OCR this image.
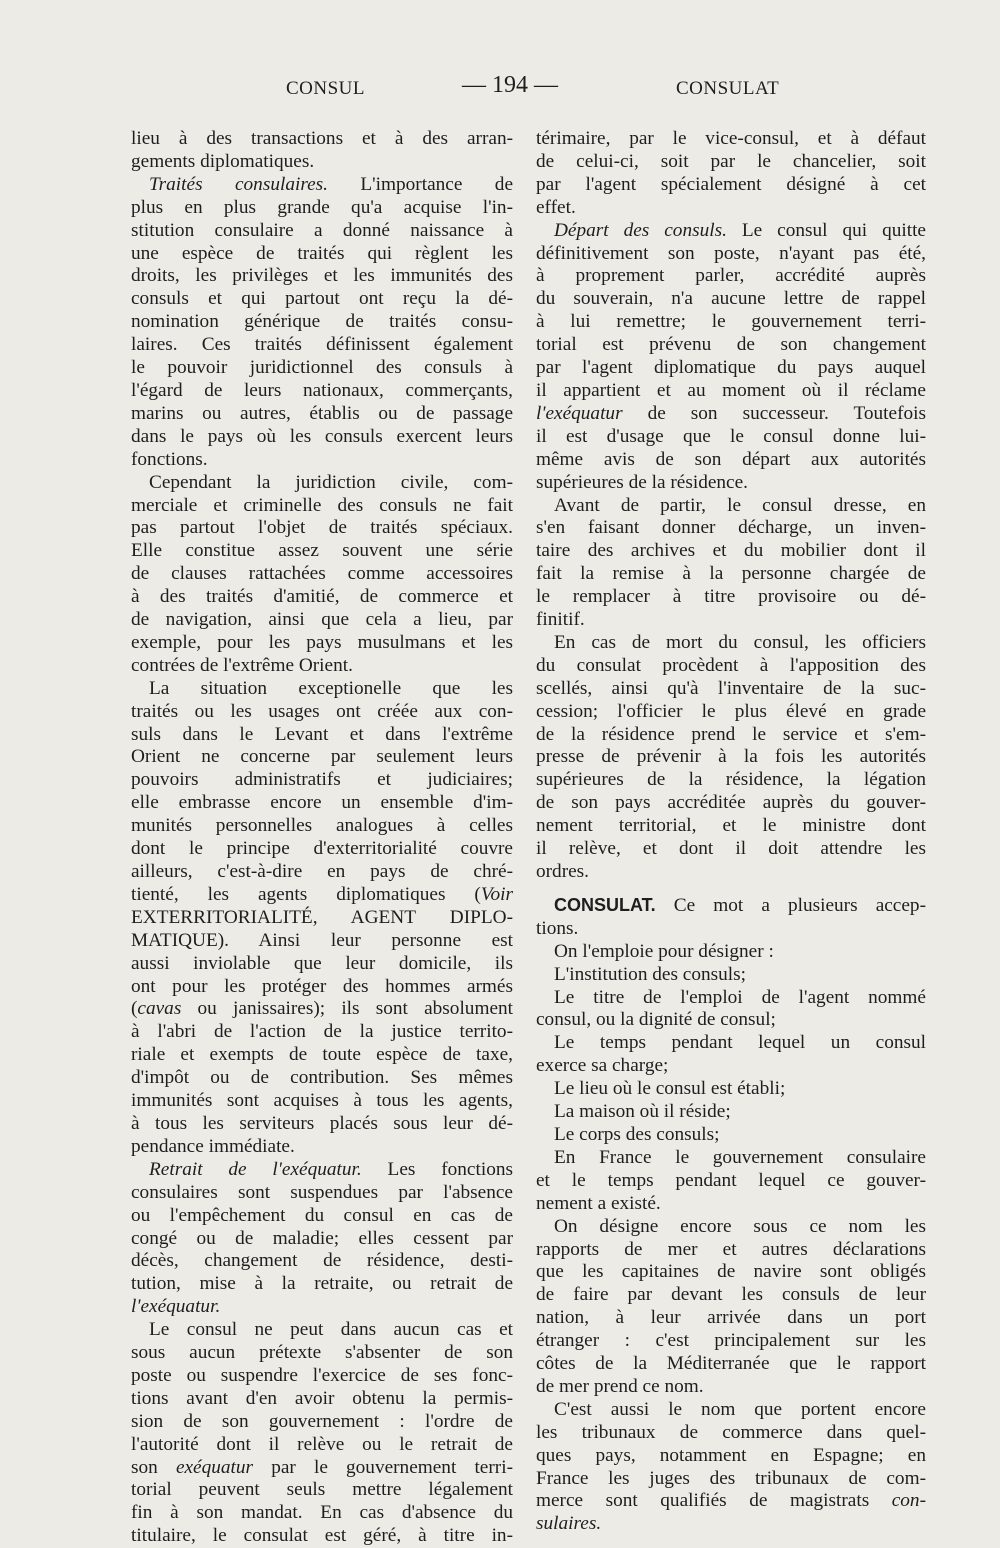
CONSUL	— 194 —	CONSULAT
lieu à des transactions et à des arran-
gements diplomatiques.
Traités consulaires. L'importance de
plus en plus grande qu'a acquise l'in-
stitution consulaire a donné naissance à
une espèce de traités qui règlent les
droits, les privilèges et les immunités des
consuls et qui partout ont reçu la dé-
nomination générique de traités consu-
laires. Ces traités définissent également
le pouvoir juridictionnel des consuls à
l'égard de leurs nationaux, commerçants,
marins ou autres, établis ou de passage
dans le pays où les consuls exercent leurs
fonctions.
Cependant la juridiction civile, com-
merciale et criminelle des consuls ne fait
pas partout l'objet de traités spéciaux.
Elle constitue assez souvent une série
de clauses rattachées comme accessoires
à des traités d'amitié, de commerce et
de navigation, ainsi que cela a lieu, par
exemple, pour les pays musulmans et les
contrées de l'extrême Orient.
La situation exceptionelle que les
traités ou les usages ont créée aux con-
suls dans le Levant et dans l'extrême
Orient ne concerne par seulement leurs
pouvoirs administratifs et judiciaires;
elle embrasse encore un ensemble d'im-
munités personnelles analogues à celles
dont le principe d'exterritorialité couvre
ailleurs, c'est-à-dire en pays de chré-
tienté, les agents diplomatiques (Voir
EXTERRITORIALITÉ, AGENT DIPLO-
MATIQUE). Ainsi leur personne est
aussi inviolable que leur domicile, ils
ont pour les protéger des hommes armés
(cavas ou janissaires); ils sont absolument
à l'abri de l'action de la justice territo-
riale et exempts de toute espèce de taxe,
d'impôt ou de contribution. Ses mêmes
immunités sont acquises à tous les agents,
à tous les serviteurs placés sous leur dé-
pendance immédiate.
Retrait de l'exéquatur. Les fonctions
consulaires sont suspendues par l'absence
ou l'empêchement du consul en cas de
congé ou de maladie; elles cessent par
décès, changement de résidence, desti-
tution, mise à la retraite, ou retrait de
l'exéquatur.
Le consul ne peut dans aucun cas et
sous aucun prétexte s'absenter de son
poste ou suspendre l'exercice de ses fonc-
tions avant d'en avoir obtenu la permis-
sion de son gouvernement : l'ordre de
l'autorité dont il relève ou le retrait de
son exéquatur par le gouvernement terri-
torial peuvent seuls mettre légalement
fin à son mandat. En cas d'absence du
titulaire, le consulat est géré, à titre in-
térimaire, par le vice-consul, et à défaut
de celui-ci, soit par le chancelier, soit
par l'agent spécialement désigné à cet
effet.
Départ des consuls. Le consul qui quitte
définitivement son poste, n'ayant pas été,
à proprement parler, accrédité auprès
du souverain, n'a aucune lettre de rappel
à lui remettre; le gouvernement terri-
torial est prévenu de son changement
par l'agent diplomatique du pays auquel
il appartient et au moment où il réclame
l'exéquatur de son successeur. Toutefois
il est d'usage que le consul donne lui-
même avis de son départ aux autorités
supérieures de la résidence.
Avant de partir, le consul dresse, en
s'en faisant donner décharge, un inven-
taire des archives et du mobilier dont il
fait la remise à la personne chargée de
le remplacer à titre provisoire ou dé-
finitif.
En cas de mort du consul, les officiers
du consulat procèdent à l'apposition des
scellés, ainsi qu'à l'inventaire de la suc-
cession; l'officier le plus élevé en grade
de la résidence prend le service et s'em-
presse de prévenir à la fois les autorités
supérieures de la résidence, la légation
de son pays accréditée auprès du gouver-
nement territorial, et le ministre dont
il relève, et dont il doit attendre les
ordres.
CONSULAT. Ce mot a plusieurs accep-
tions.
On l'emploie pour désigner :
L'institution des consuls;
Le titre de l'emploi de l'agent nommé
consul, ou la dignité de consul;
Le temps pendant lequel un consul
exerce sa charge;
Le lieu où le consul est établi;
La maison où il réside;
Le corps des consuls;
En France le gouvernement consulaire
et le temps pendant lequel ce gouver-
nement a existé.
On désigne encore sous ce nom les
rapports de mer et autres déclarations
que les capitaines de navire sont obligés
de faire par devant les consuls de leur
nation, à leur arrivée dans un port
étranger : c'est principalement sur les
côtes de la Méditerranée que le rapport
de mer prend ce nom.
C'est aussi le nom que portent encore
les tribunaux de commerce dans quel-
ques pays, notamment en Espagne; en
France les juges des tribunaux de com-
merce sont qualifiés de magistrats con-
sulaires.
